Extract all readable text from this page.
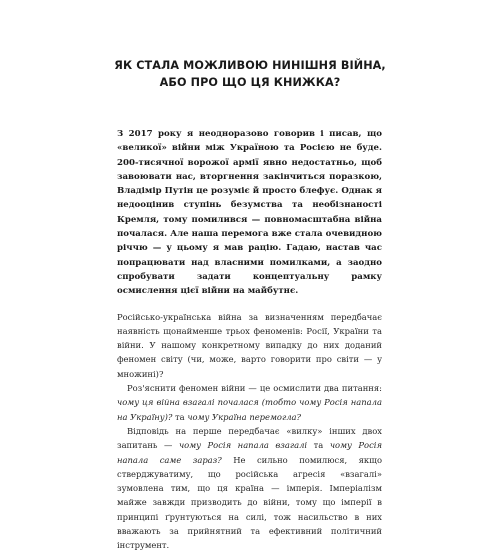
ЯК СТАЛА МОЖЛИВОЮ НИНІШНЯ ВІЙНА,
АБО ПРО ЩО ЦЯ КНИЖКА?

З 2017 року я неодноразово говорив і писав, що «великої» війни між Україною та Росією не буде. 200-тисячної ворожої армії явно недостатньо, щоб завоювати нас, вторгнення закінчиться поразкою, Владімір Путін це розуміє й просто блефує. Однак я недооцінив ступінь безумства та необізнаності Кремля, тому помилився — повномасштабна війна почалася. Але наша перемога вже стала очевидною річчю — у цьому я мав рацію. Гадаю, настав час попрацювати над власними помилками, а заодно спробувати задати концептуальну рамку осмислення цієї війни на майбутнє.

Російсько-українська війна за визначенням передбачає наявність щонайменше трьох феноменів: Росії, України та війни. У нашому конкретному випадку до них доданий феномен світу (чи, може, варто говорити про світи — у множині)?

Роз'яснити феномен війни — це осмислити два питання: чому ця війна взагалі почалася (тобто чому Росія напала на Україну)? та чому Україна перемогла?

Відповідь на перше передбачає «вилку» інших двох запитань — чому Росія напала взагалі та чому Росія напала саме зараз? Не сильно помилюся, якщо стверджуватиму, що російська агресія «взагалі» зумовлена тим, що ця країна — імперія. Імперіалізм майже завжди призводить до війни, тому що імперії в принципі ґрунтуються на силі, тож насильство в них вважають за прийнятний та ефективний політичний інструмент.
